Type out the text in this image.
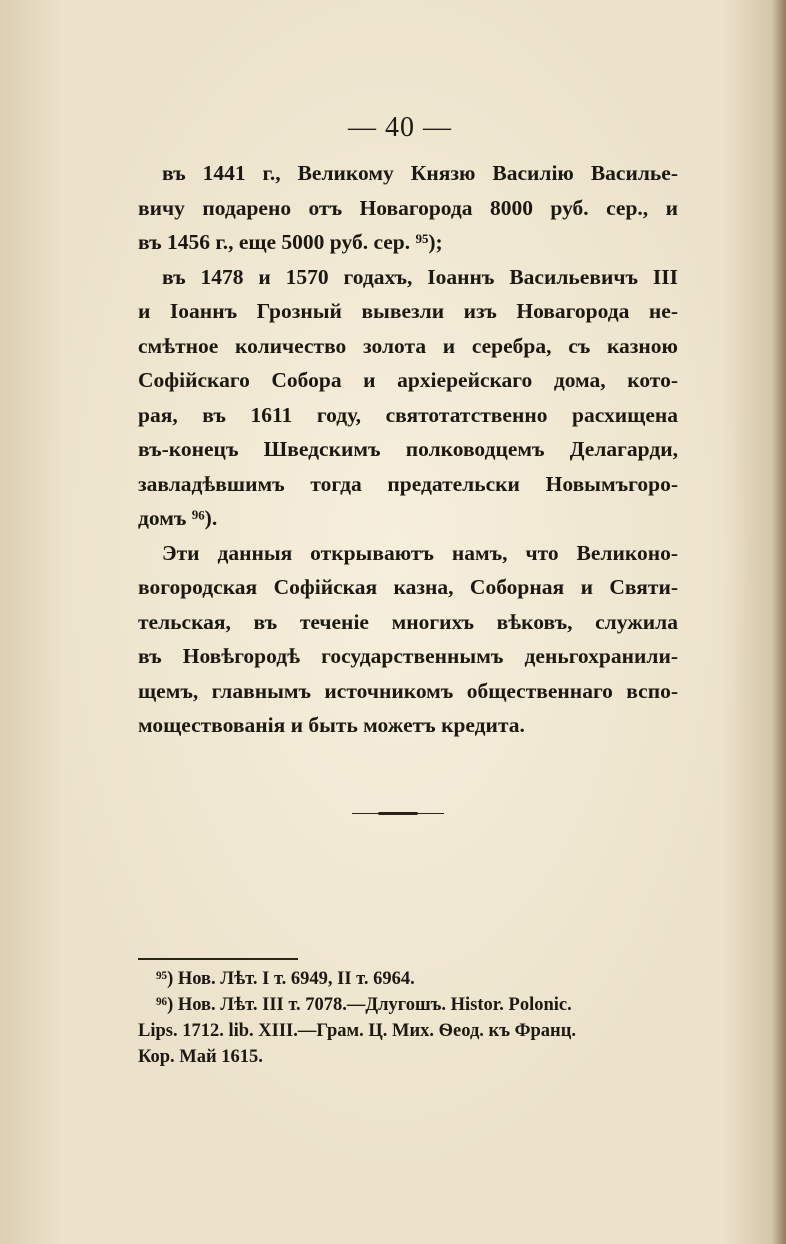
— 40 —
въ 1441 г., Великому Князю Василію Василье-
вичу подарено отъ Новагорода 8000 руб. сер., и
въ 1456 г., еще 5000 руб. сер. ⁹⁵);
въ 1478 и 1570 годахъ, Іоаннъ Васильевичъ III
и Іоаннъ Грозный вывезли изъ Новагорода не-
смѣтное количество золота и серебра, съ казною
Софійскаго Собора и архіерейскаго дома, кото-
рая, въ 1611 году, святотатственно расхищена
въ-конецъ Шведскимъ полководцемъ Делагарди,
завладѣвшимъ тогда предательски Новымъгоро-
домъ ⁹⁶).
Эти данныя открываютъ намъ, что Великоно-
вогородская Софійская казна, Соборная и Святи-
тельская, въ теченіе многихъ вѣковъ, служила
въ Новѣгородѣ государственнымъ деньгохранили-
щемъ, главнымъ источникомъ общественнаго вспо-
моществованія и быть можетъ кредита.
⁹⁵) Нов. Лѣт. I т. 6949, II т. 6964.
⁹⁶) Нов. Лѣт. III т. 7078.—Длугошъ. Histor. Poloniс.
Lips. 1712. lib. XIII.—Грам. Ц. Мих. Ѳеод. къ Франц.
Кор. Май 1615.
